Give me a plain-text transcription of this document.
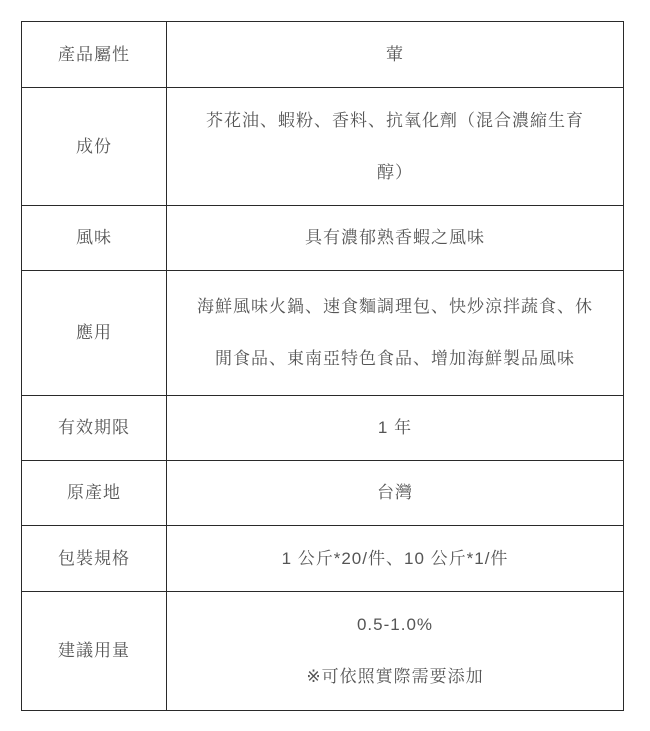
產品屬性	葷

成份	芥花油、蝦粉、香料、抗氧化劑（混合濃縮生育
醇）

風味	具有濃郁熟香蝦之風味

應用	海鮮風味火鍋、速食麵調理包、快炒涼拌蔬食、休
閒食品、東南亞特色食品、增加海鮮製品風味

有效期限	1 年

原產地	台灣

包裝規格	1 公斤*20/件、10 公斤*1/件

建議用量	0.5-1.0%
※可依照實際需要添加
